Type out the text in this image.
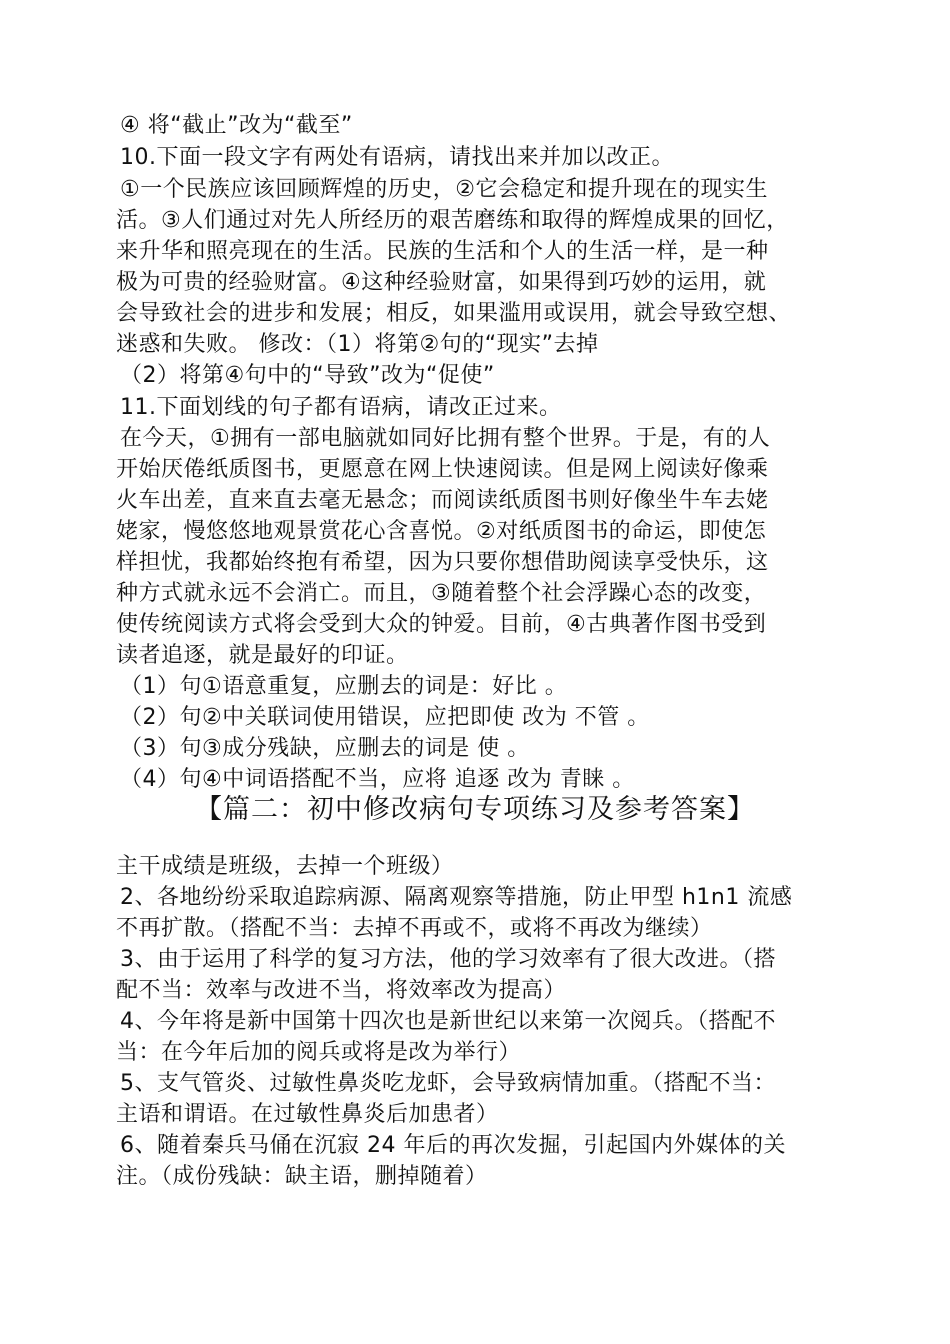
④ 将“截止”改为“截至”
10.下面一段文字有两处有语病，请找出来并加以改正。
①一个民族应该回顾辉煌的历史，②它会稳定和提升现在的现实生
活。③人们通过对先人所经历的艰苦磨练和取得的辉煌成果的回忆，
来升华和照亮现在的生活。民族的生活和个人的生活一样，是一种
极为可贵的经验财富。④这种经验财富，如果得到巧妙的运用，就
会导致社会的进步和发展；相反，如果滥用或误用，就会导致空想、
迷惑和失败。 修改：（1）将第②句的“现实”去掉
（2）将第④句中的“导致”改为“促使”
11.下面划线的句子都有语病，请改正过来。
在今天，①拥有一部电脑就如同好比拥有整个世界。于是，有的人
开始厌倦纸质图书，更愿意在网上快速阅读。但是网上阅读好像乘
火车出差，直来直去毫无悬念；而阅读纸质图书则好像坐牛车去姥
姥家，慢悠悠地观景赏花心含喜悦。②对纸质图书的命运，即使怎
样担忧，我都始终抱有希望，因为只要你想借助阅读享受快乐，这
种方式就永远不会消亡。而且，③随着整个社会浮躁心态的改变，
使传统阅读方式将会受到大众的钟爱。目前，④古典著作图书受到
读者追逐，就是最好的印证。
（1）句①语意重复，应删去的词是：好比 。
（2）句②中关联词使用错误，应把即使 改为 不管 。
（3）句③成分残缺，应删去的词是 使 。
（4）句④中词语搭配不当，应将 追逐 改为 青睐 。
【篇二：初中修改病句专项练习及参考答案】
主干成绩是班级，去掉一个班级）
2、各地纷纷采取追踪病源、隔离观察等措施，防止甲型 h1n1 流感
不再扩散。（搭配不当：去掉不再或不，或将不再改为继续）
3、由于运用了科学的复习方法，他的学习效率有了很大改进。（搭
配不当：效率与改进不当，将效率改为提高）
4、今年将是新中国第十四次也是新世纪以来第一次阅兵。（搭配不
当：在今年后加的阅兵或将是改为举行）
5、支气管炎、过敏性鼻炎吃龙虾，会导致病情加重。（搭配不当：
主语和谓语。在过敏性鼻炎后加患者）
6、随着秦兵马俑在沉寂 24 年后的再次发掘，引起国内外媒体的关
注。（成份残缺：缺主语，删掉随着）
